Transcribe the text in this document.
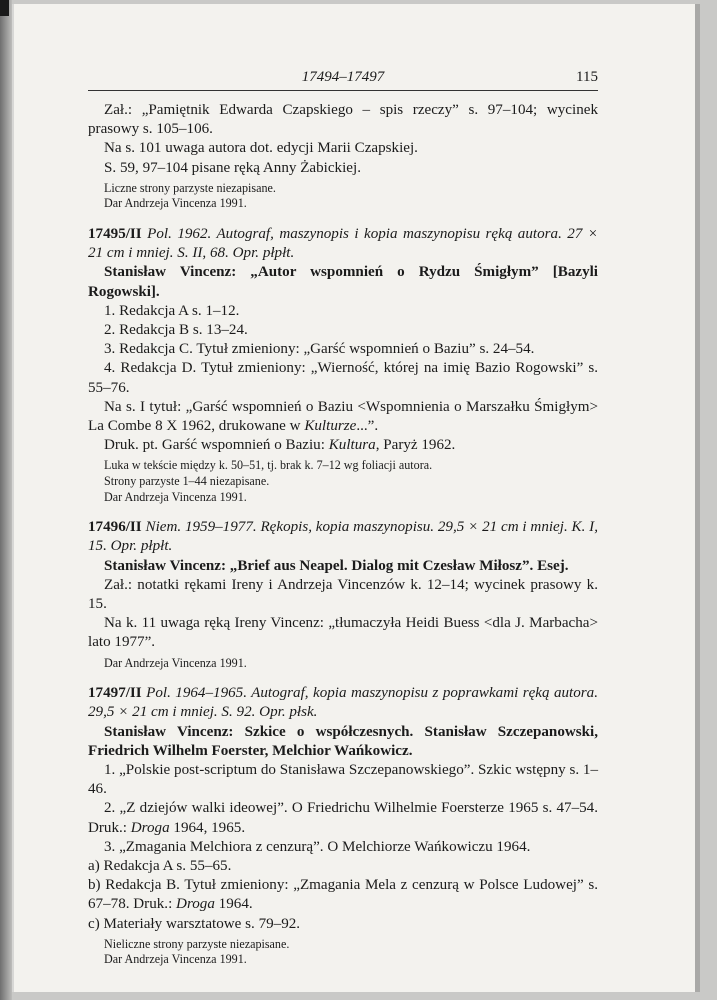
17494–17497	115

Zał.: „Pamiętnik Edwarda Czapskiego – spis rzeczy” s. 97–104; wycinek prasowy s. 105–106.

Na s. 101 uwaga autora dot. edycji Marii Czapskiej.

S. 59, 97–104 pisane ręką Anny Żabickiej.

Liczne strony parzyste niezapisane.

Dar Andrzeja Vincenza 1991.

17495/II Pol. 1962. Autograf, maszynopis i kopia maszynopisu ręką autora. 27 × 21 cm i mniej. S. II, 68. Opr. płpłt.

Stanisław Vincenz: „Autor wspomnień o Rydzu Śmigłym” [Bazyli Rogowski].

1. Redakcja A s. 1–12.

2. Redakcja B s. 13–24.

3. Redakcja C. Tytuł zmieniony: „Garść wspomnień o Baziu” s. 24–54.

4. Redakcja D. Tytuł zmieniony: „Wierność, której na imię Bazio Rogowski” s. 55–76.

Na s. I tytuł: „Garść wspomnień o Baziu <Wspomnienia o Marszałku Śmigłym> La Combe 8 X 1962, drukowane w Kulturze...”.

Druk. pt. Garść wspomnień o Baziu: Kultura, Paryż 1962.

Luka w tekście między k. 50–51, tj. brak k. 7–12 wg foliacji autora.

Strony parzyste 1–44 niezapisane.

Dar Andrzeja Vincenza 1991.

17496/II Niem. 1959–1977. Rękopis, kopia maszynopisu. 29,5 × 21 cm i mniej. K. I, 15. Opr. płpłt.

Stanisław Vincenz: „Brief aus Neapel. Dialog mit Czesław Miłosz”. Esej.

Zał.: notatki rękami Ireny i Andrzeja Vincenzów k. 12–14; wycinek prasowy k. 15.

Na k. 11 uwaga ręką Ireny Vincenz: „tłumaczyła Heidi Buess <dla J. Marbacha> lato 1977”.

Dar Andrzeja Vincenza 1991.

17497/II Pol. 1964–1965. Autograf, kopia maszynopisu z poprawkami ręką autora. 29,5 × 21 cm i mniej. S. 92. Opr. płsk.

Stanisław Vincenz: Szkice o współczesnych. Stanisław Szczepanowski, Friedrich Wilhelm Foerster, Melchior Wańkowicz.

1. „Polskie post-scriptum do Stanisława Szczepanowskiego”. Szkic wstępny s. 1–46.

2. „Z dziejów walki ideowej”. O Friedrichu Wilhelmie Foersterze 1965 s. 47–54. Druk.: Droga 1964, 1965.

3. „Zmagania Melchiora z cenzurą”. O Melchiorze Wańkowiczu 1964.

a) Redakcja A s. 55–65.

b) Redakcja B. Tytuł zmieniony: „Zmagania Mela z cenzurą w Polsce Ludowej” s. 67–78. Druk.: Droga 1964.

c) Materiały warsztatowe s. 79–92.

Nieliczne strony parzyste niezapisane.

Dar Andrzeja Vincenza 1991.
